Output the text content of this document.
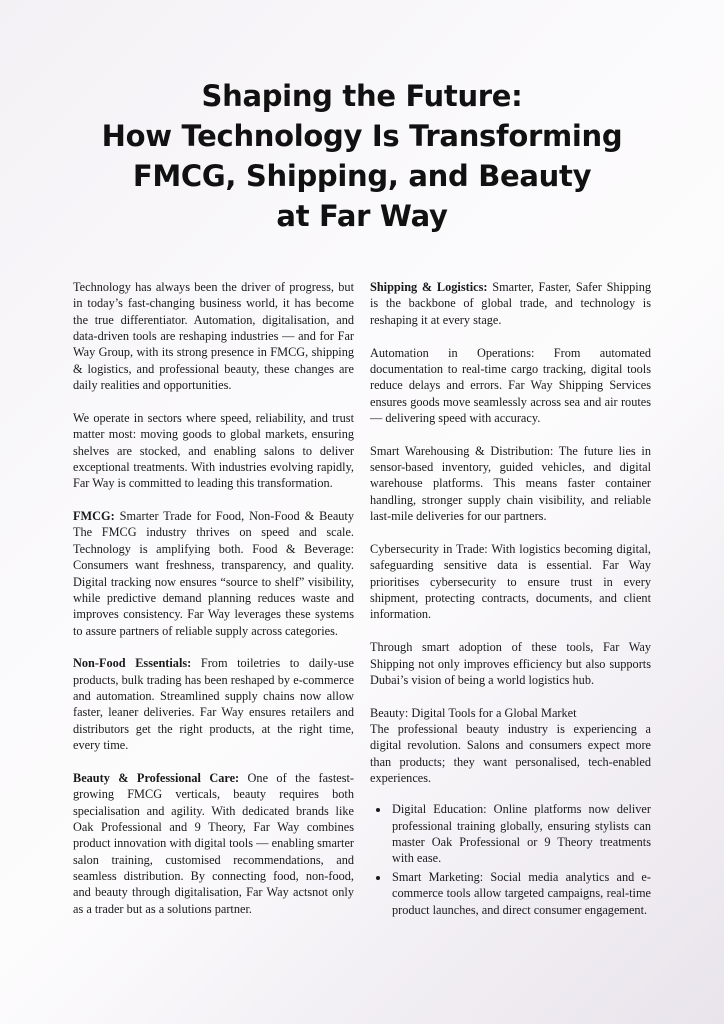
Shaping the Future:
How Technology Is Transforming
FMCG, Shipping, and Beauty
at Far Way

Technology has always been the driver of progress, but in today’s fast-changing business world, it has become the true differentiator. Automation, digitalisation, and data-driven tools are reshaping industries — and for Far Way Group, with its strong presence in FMCG, shipping & logistics, and professional beauty, these changes are daily realities and opportunities.

We operate in sectors where speed, reliability, and trust matter most: moving goods to global markets, ensuring shelves are stocked, and enabling salons to deliver exceptional treatments. With industries evolving rapidly, Far Way is committed to leading this transformation.

FMCG: Smarter Trade for Food, Non-Food & Beauty The FMCG industry thrives on speed and scale. Technology is amplifying both. Food & Beverage: Consumers want freshness, transparency, and quality. Digital tracking now ensures “source to shelf” visibility, while predictive demand planning reduces waste and improves consistency. Far Way leverages these systems to assure partners of reliable supply across categories.

Non-Food Essentials: From toiletries to daily-use products, bulk trading has been reshaped by e-commerce and automation. Streamlined supply chains now allow faster, leaner deliveries. Far Way ensures retailers and distributors get the right products, at the right time, every time.

Beauty & Professional Care: One of the fastest-growing FMCG verticals, beauty requires both specialisation and agility. With dedicated brands like Oak Professional and 9 Theory, Far Way combines product innovation with digital tools — enabling smarter salon training, customised recommendations, and seamless distribution. By connecting food, non-food, and beauty through digitalisation, Far Way actsnot only as a trader but as a solutions partner.

Shipping & Logistics: Smarter, Faster, Safer Shipping is the backbone of global trade, and technology is reshaping it at every stage.

Automation in Operations: From automated documentation to real-time cargo tracking, digital tools reduce delays and errors. Far Way Shipping Services ensures goods move seamlessly across sea and air routes — delivering speed with accuracy.

Smart Warehousing & Distribution: The future lies in sensor-based inventory, guided vehicles, and digital warehouse platforms. This means faster container handling, stronger supply chain visibility, and reliable last-mile deliveries for our partners.

Cybersecurity in Trade: With logistics becoming digital, safeguarding sensitive data is essential. Far Way prioritises cybersecurity to ensure trust in every shipment, protecting contracts, documents, and client information.

Through smart adoption of these tools, Far Way Shipping not only improves efficiency but also supports Dubai’s vision of being a world logistics hub.

Beauty: Digital Tools for a Global Market
The professional beauty industry is experiencing a digital revolution. Salons and consumers expect more than products; they want personalised, tech-enabled experiences.

• Digital Education: Online platforms now deliver professional training globally, ensuring stylists can master Oak Professional or 9 Theory treatments with ease.
• Smart Marketing: Social media analytics and e-commerce tools allow targeted campaigns, real-time product launches, and direct consumer engagement.
